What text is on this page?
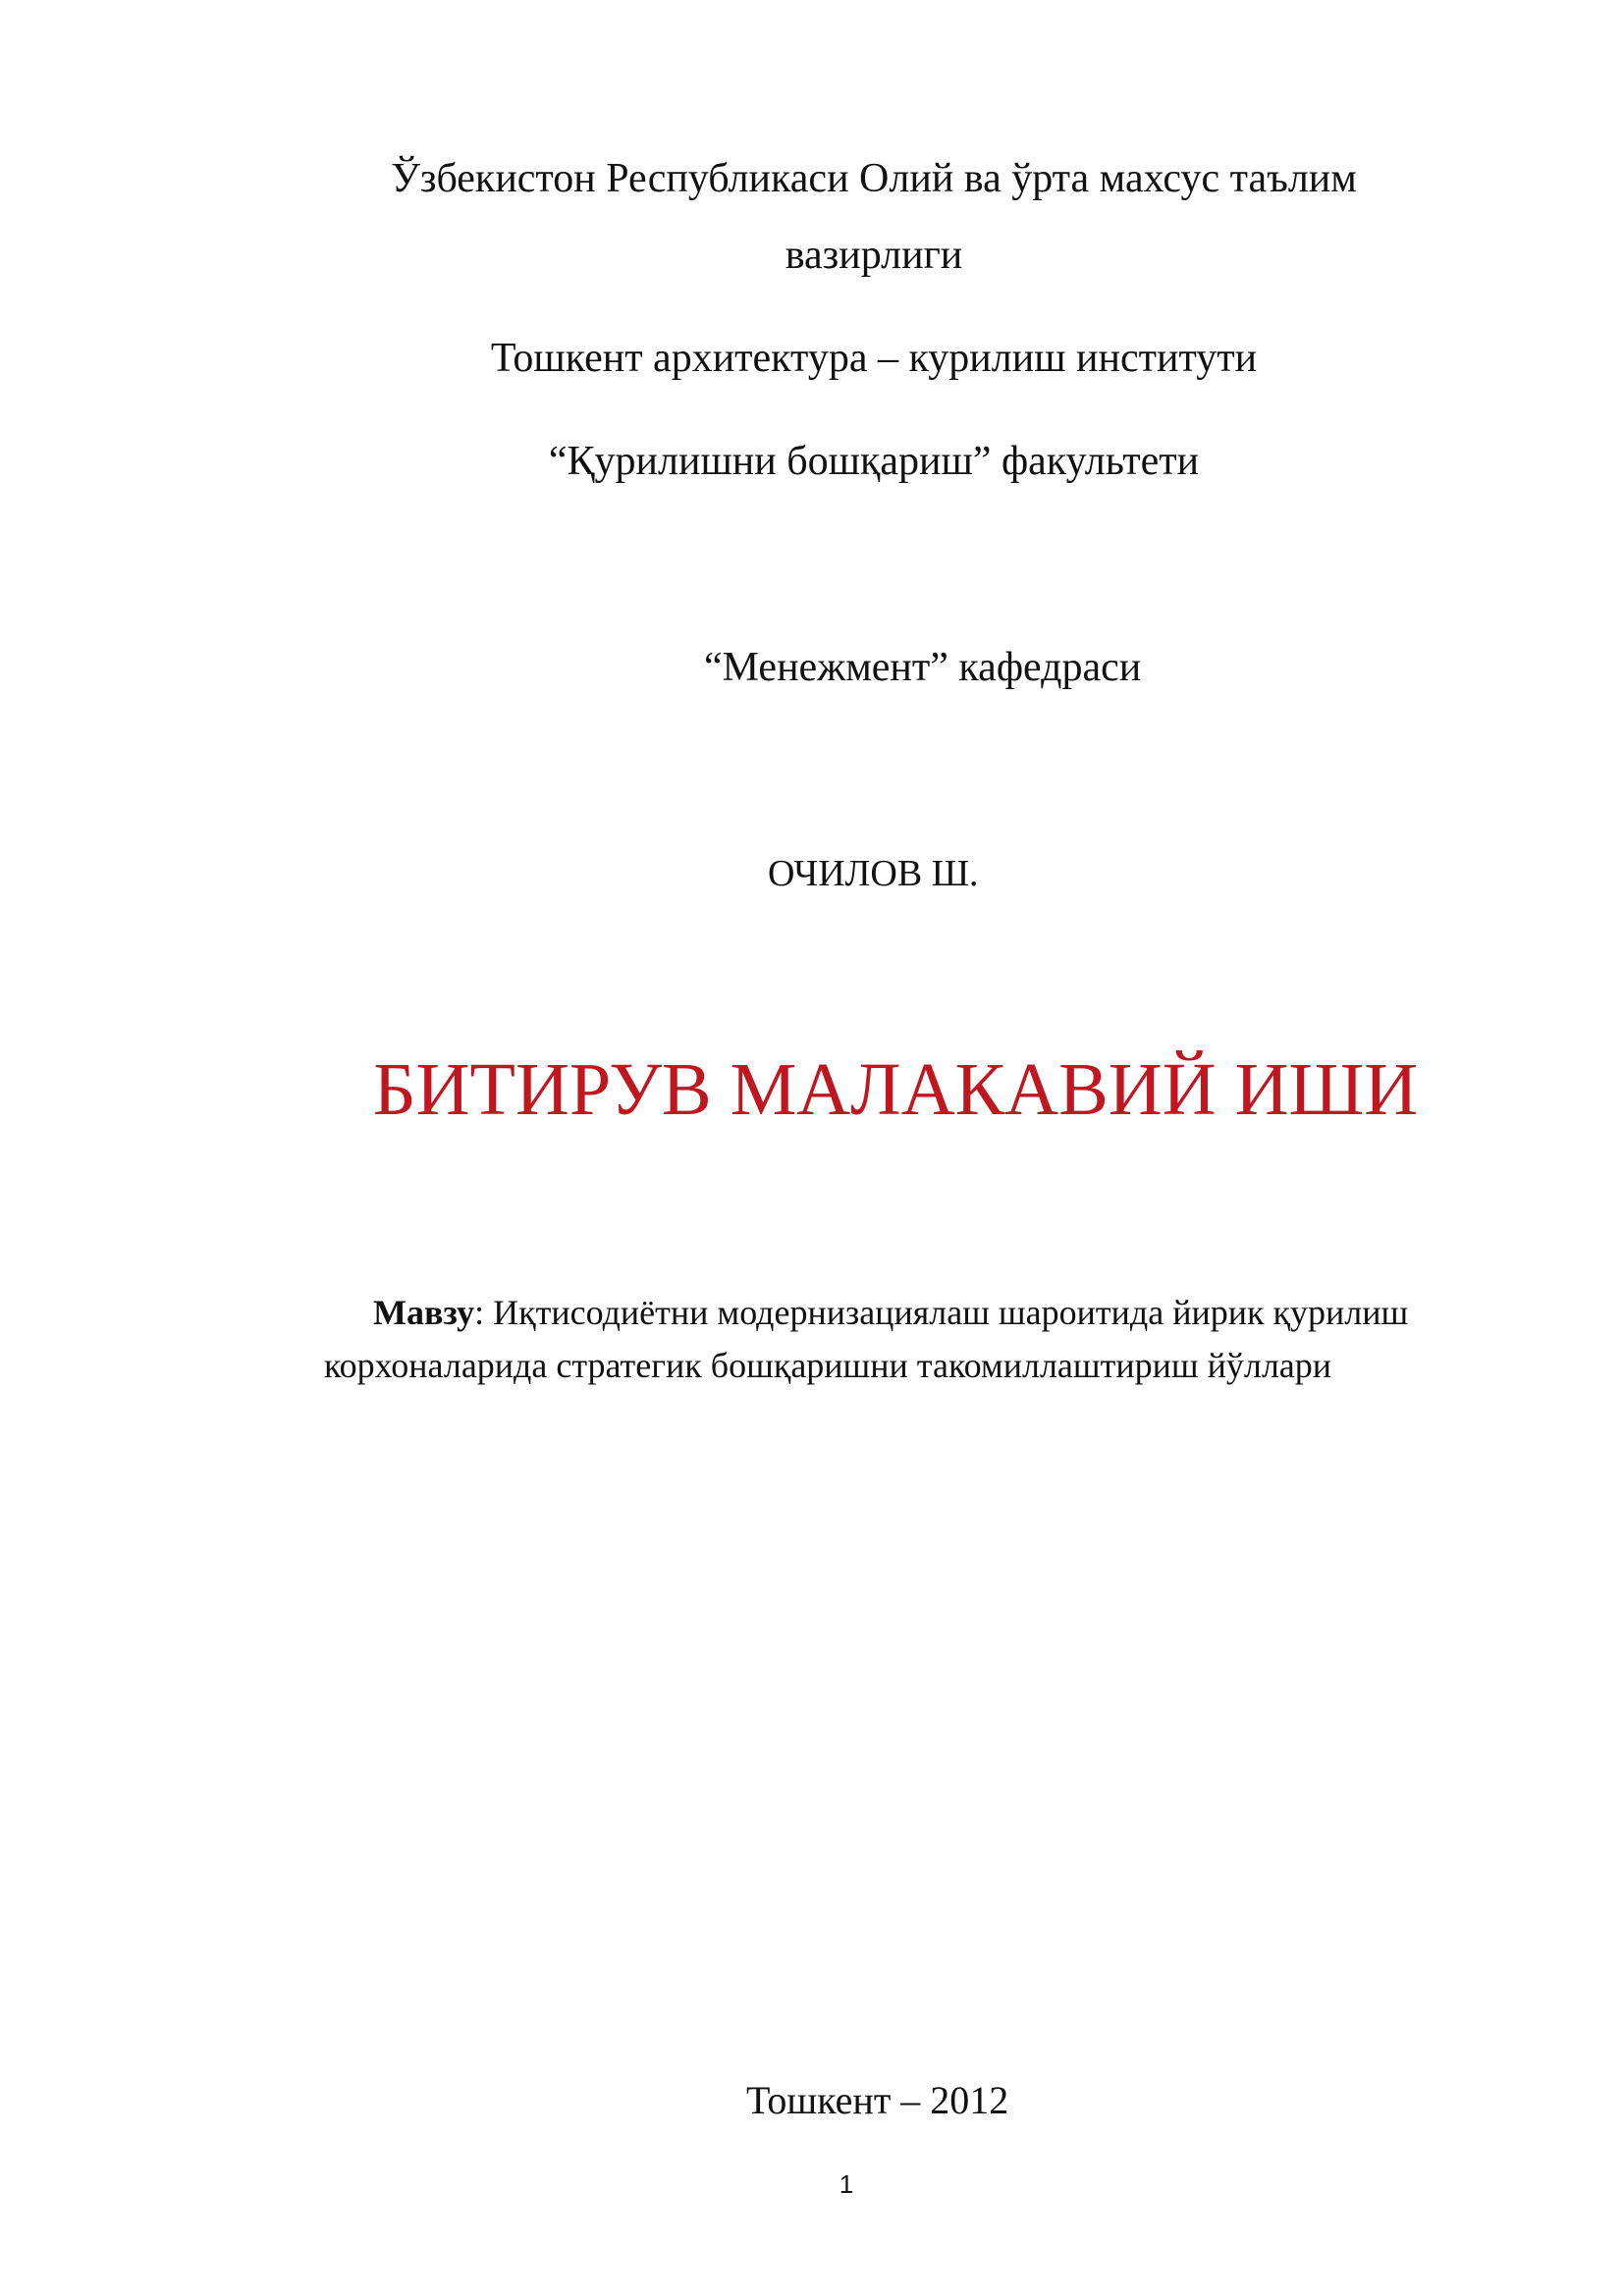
Ўзбекистон Республикаси Олий ва ўрта махсус таълим
вазирлиги
Тошкент архитектура – курилиш институти
“Қурилишни бошқариш” факультети
“Менежмент” кафедраси
ОЧИЛОВ Ш.
БИТИРУВ МАЛАКАВИЙ ИШИ
Мавзу: Иқтисодиётни модернизациялаш шароитида йирик қурилиш
корхоналарида стратегик бошқаришни такомиллаштириш йўллари
Тошкент – 2012
1
